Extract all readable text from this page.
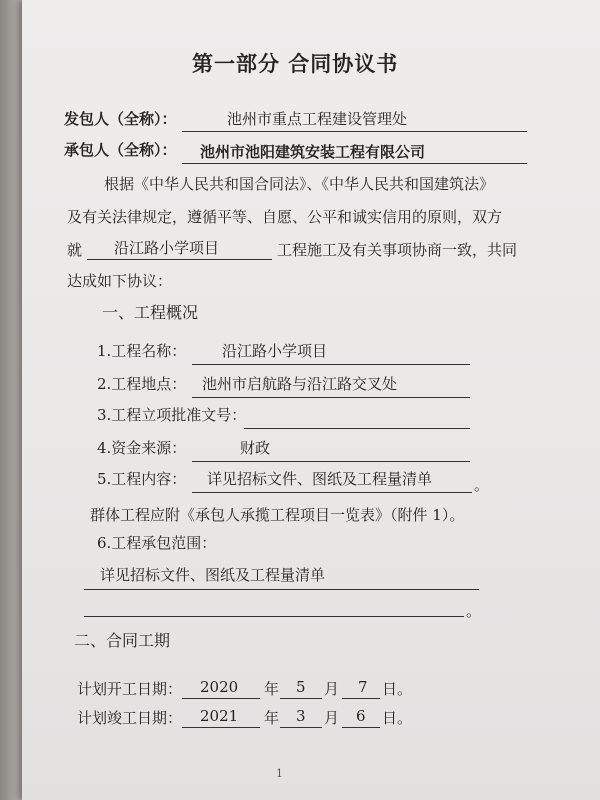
第一部分 合同协议书
发包人（全称）：	池州市重点工程建设管理处
承包人（全称）： 池州市池阳建筑安装工程有限公司
根据《中华人民共和国合同法》、《中华人民共和国建筑法》
及有关法律规定，遵循平等、自愿、公平和诚实信用的原则，双方
就 沿江路小学项目	工程施工及有关事项协商一致，共同
达成如下协议：
一、工程概况
1.工程名称： 沿江路小学项目
2.工程地点： 池州市启航路与沿江路交叉处
3.工程立项批准文号：
4.资金来源：	财政
5.工程内容： 详见招标文件、图纸及工程量清单	。
群体工程应附《承包人承揽工程项目一览表》（附件 1）。
6.工程承包范围：
详见招标文件、图纸及工程量清单
。
二、合同工期
计划开工日期： 2020 年 5 月 7 日。
计划竣工日期： 2021 年 3 月 6 日。
1
